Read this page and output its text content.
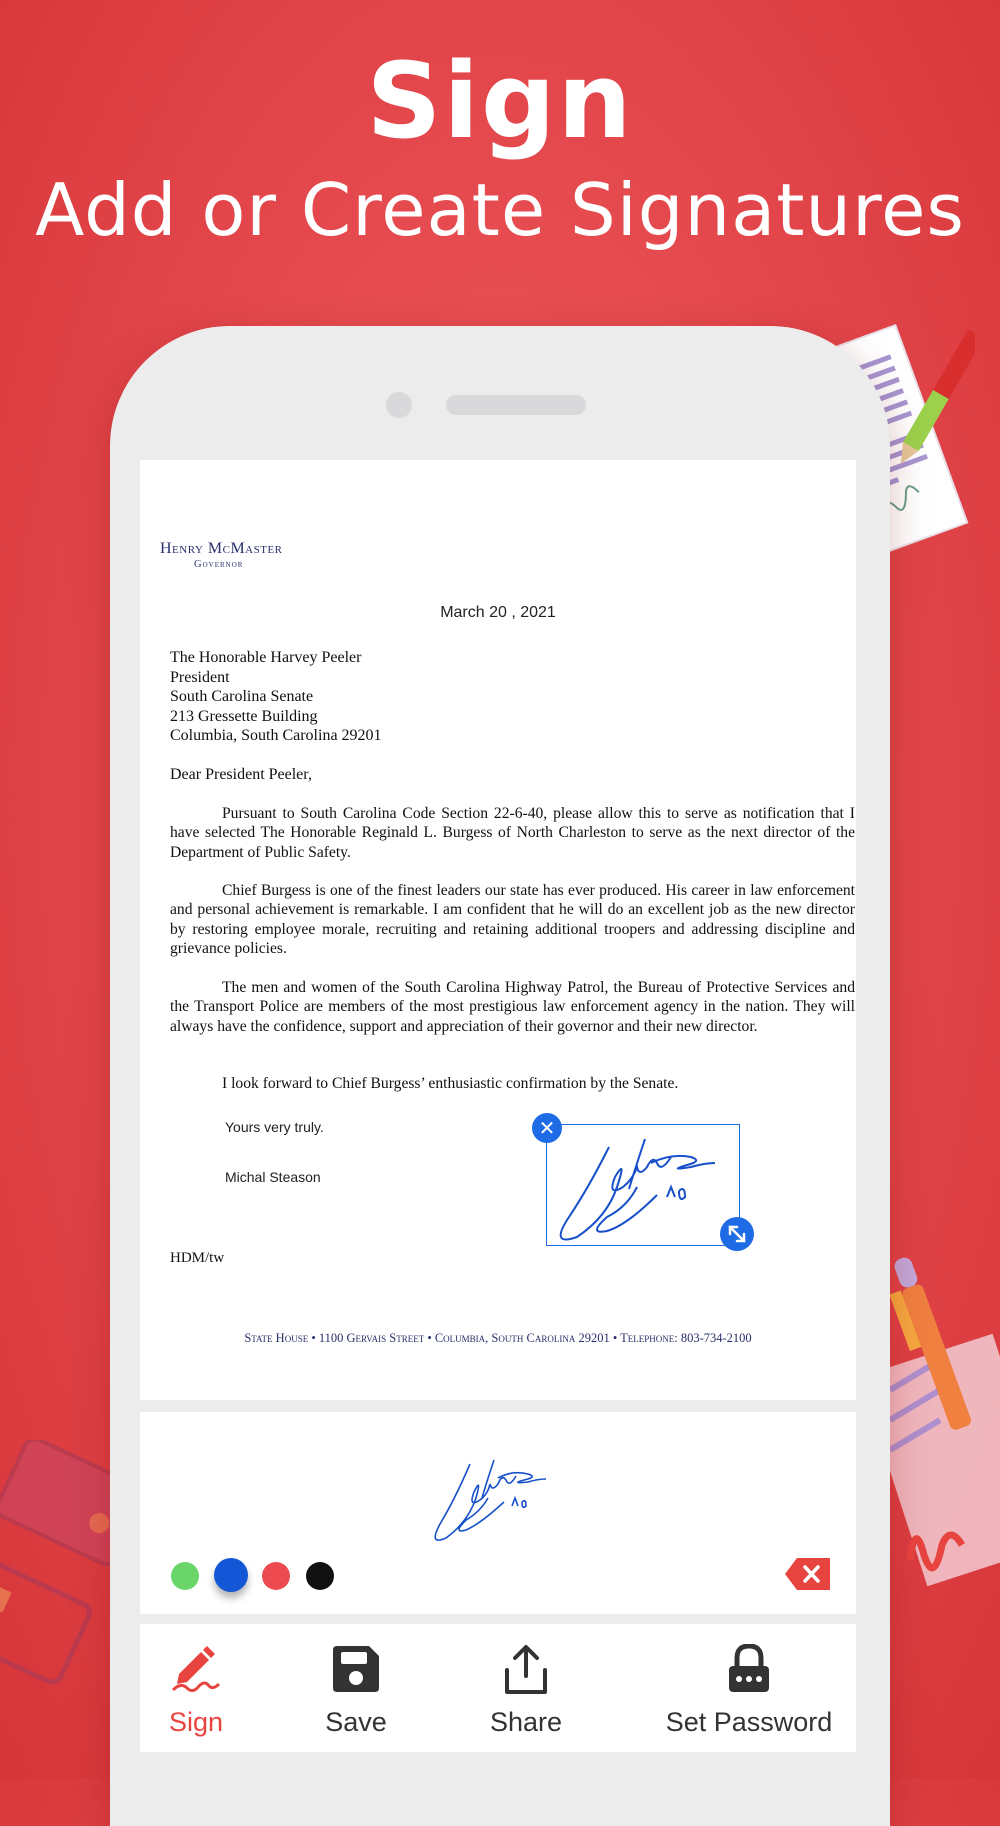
Sign
Add or Create Signatures
Henry McMaster
Governor
March 20 , 2021
The Honorable Harvey Peeler
President
South Carolina Senate
213 Gressette Building
Columbia, South Carolina 29201
Dear President Peeler,
Pursuant to South Carolina Code Section 22-6-40, please allow this to serve as notification that I have selected The Honorable Reginald L. Burgess of North Charleston to serve as the next director of the Department of Public Safety.
Chief Burgess is one of the finest leaders our state has ever produced. His career in law enforcement and personal achievement is remarkable. I am confident that he will do an excellent job as the new director by restoring employee morale, recruiting and retaining additional troopers and addressing discipline and grievance policies.
The men and women of the South Carolina Highway Patrol, the Bureau of Protective Services and the Transport Police are members of the most prestigious law enforcement agency in the nation. They will always have the confidence, support and appreciation of their governor and their new director.
I look forward to Chief Burgess’ enthusiastic confirmation by the Senate.
Yours very truly.
Michal Steason
HDM/tw
State House • 1100 Gervais Street • Columbia, South Carolina 29201 • Telephone: 803-734-2100
✕
Sign	Save	Share	Set Password
